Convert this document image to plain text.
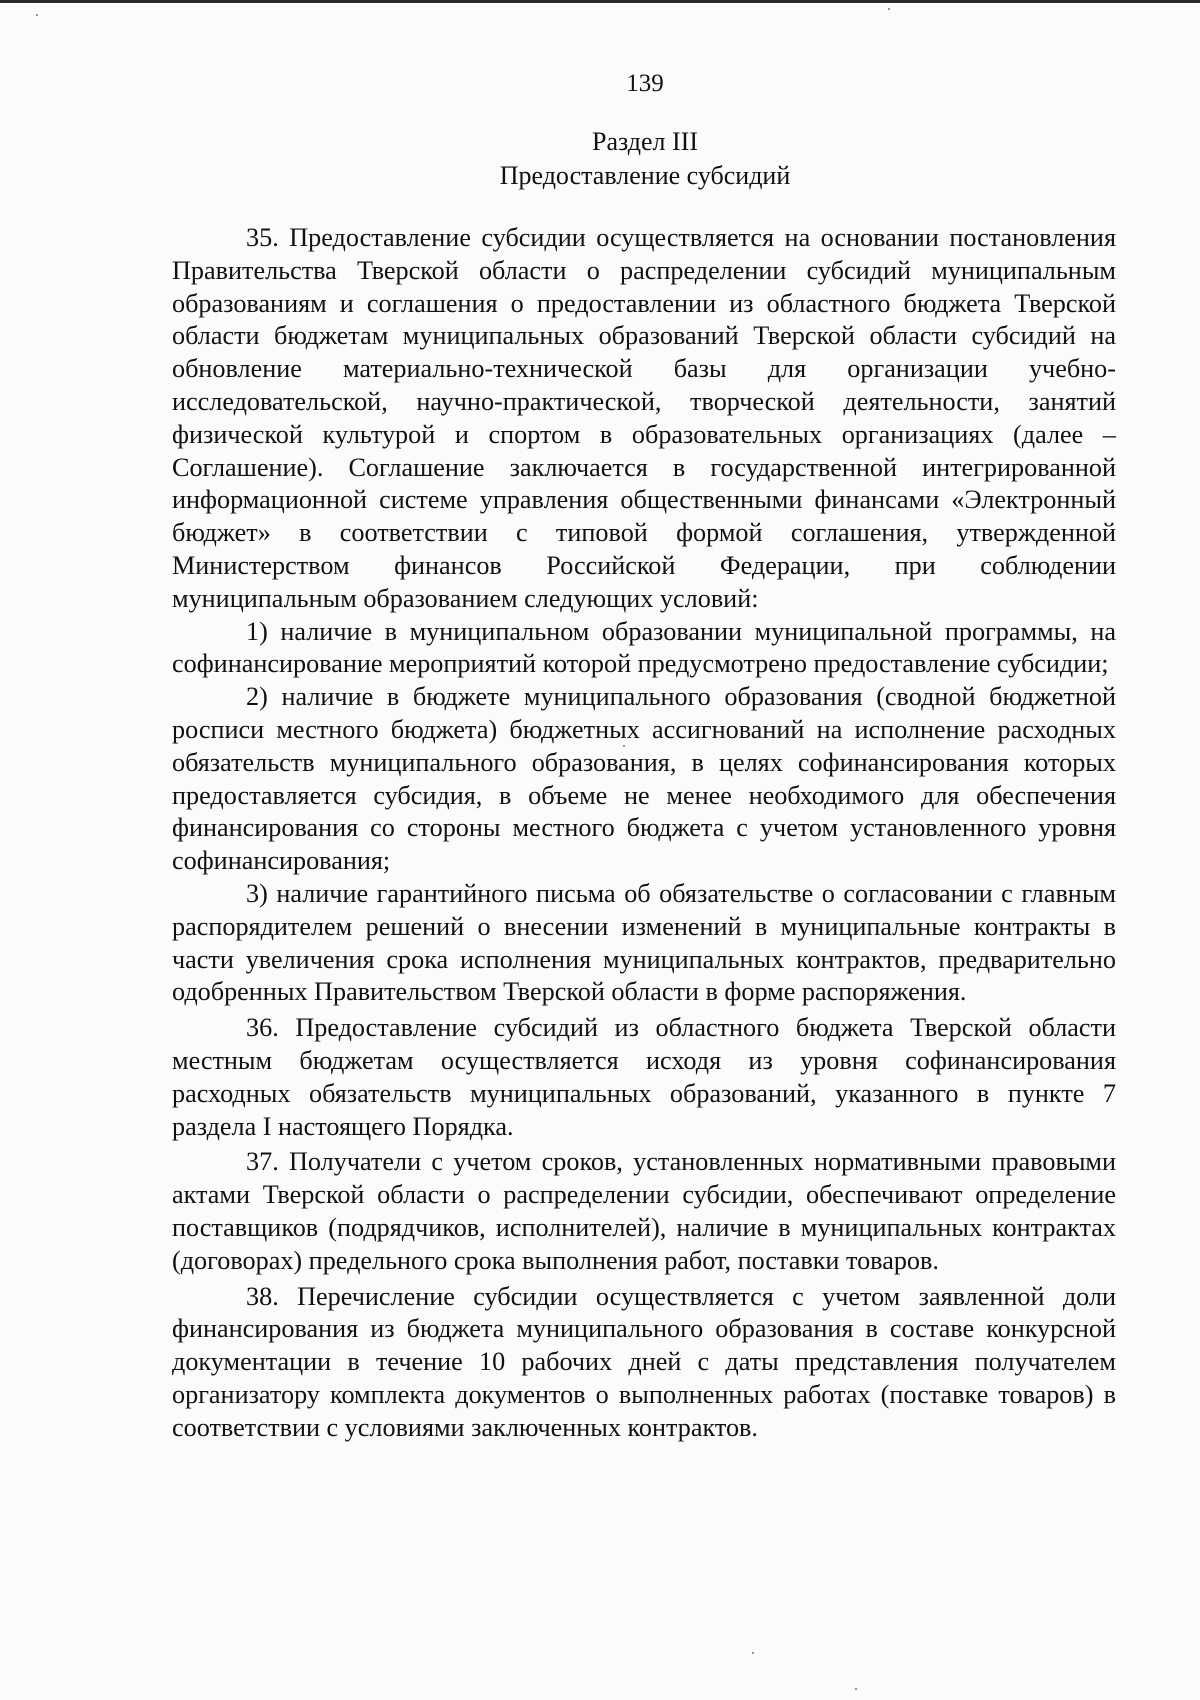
139
Раздел III
Предоставление субсидий

35. Предоставление субсидии осуществляется на основании постановления Правительства Тверской области о распределении субсидий муниципальным образованиям и соглашения о предоставлении из областного бюджета Тверской области бюджетам муниципальных образований Тверской области субсидий на обновление материально-технической базы для организации учебно-исследовательской, научно-практической, творческой деятельности, занятий физической культурой и спортом в образовательных организациях (далее – Соглашение). Соглашение заключается в государственной интегрированной информационной системе управления общественными финансами «Электронный бюджет» в соответствии с типовой формой соглашения, утвержденной Министерством финансов Российской Федерации, при соблюдении муниципальным образованием следующих условий:

1) наличие в муниципальном образовании муниципальной программы, на софинансирование мероприятий которой предусмотрено предоставление субсидии;

2) наличие в бюджете муниципального образования (сводной бюджетной росписи местного бюджета) бюджетных ассигнований на исполнение расходных обязательств муниципального образования, в целях софинансирования которых предоставляется субсидия, в объеме не менее необходимого для обеспечения финансирования со стороны местного бюджета с учетом установленного уровня софинансирования;

3) наличие гарантийного письма об обязательстве о согласовании с главным распорядителем решений о внесении изменений в муниципальные контракты в части увеличения срока исполнения муниципальных контрактов, предварительно одобренных Правительством Тверской области в форме распоряжения.

36. Предоставление субсидий из областного бюджета Тверской области местным бюджетам осуществляется исходя из уровня софинансирования расходных обязательств муниципальных образований, указанного в пункте 7 раздела I настоящего Порядка.

37. Получатели с учетом сроков, установленных нормативными правовыми актами Тверской области о распределении субсидии, обеспечивают определение поставщиков (подрядчиков, исполнителей), наличие в муниципальных контрактах (договорах) предельного срока выполнения работ, поставки товаров.

38. Перечисление субсидии осуществляется с учетом заявленной доли финансирования из бюджета муниципального образования в составе конкурсной документации в течение 10 рабочих дней с даты представления получателем организатору комплекта документов о выполненных работах (поставке товаров) в соответствии с условиями заключенных контрактов.
